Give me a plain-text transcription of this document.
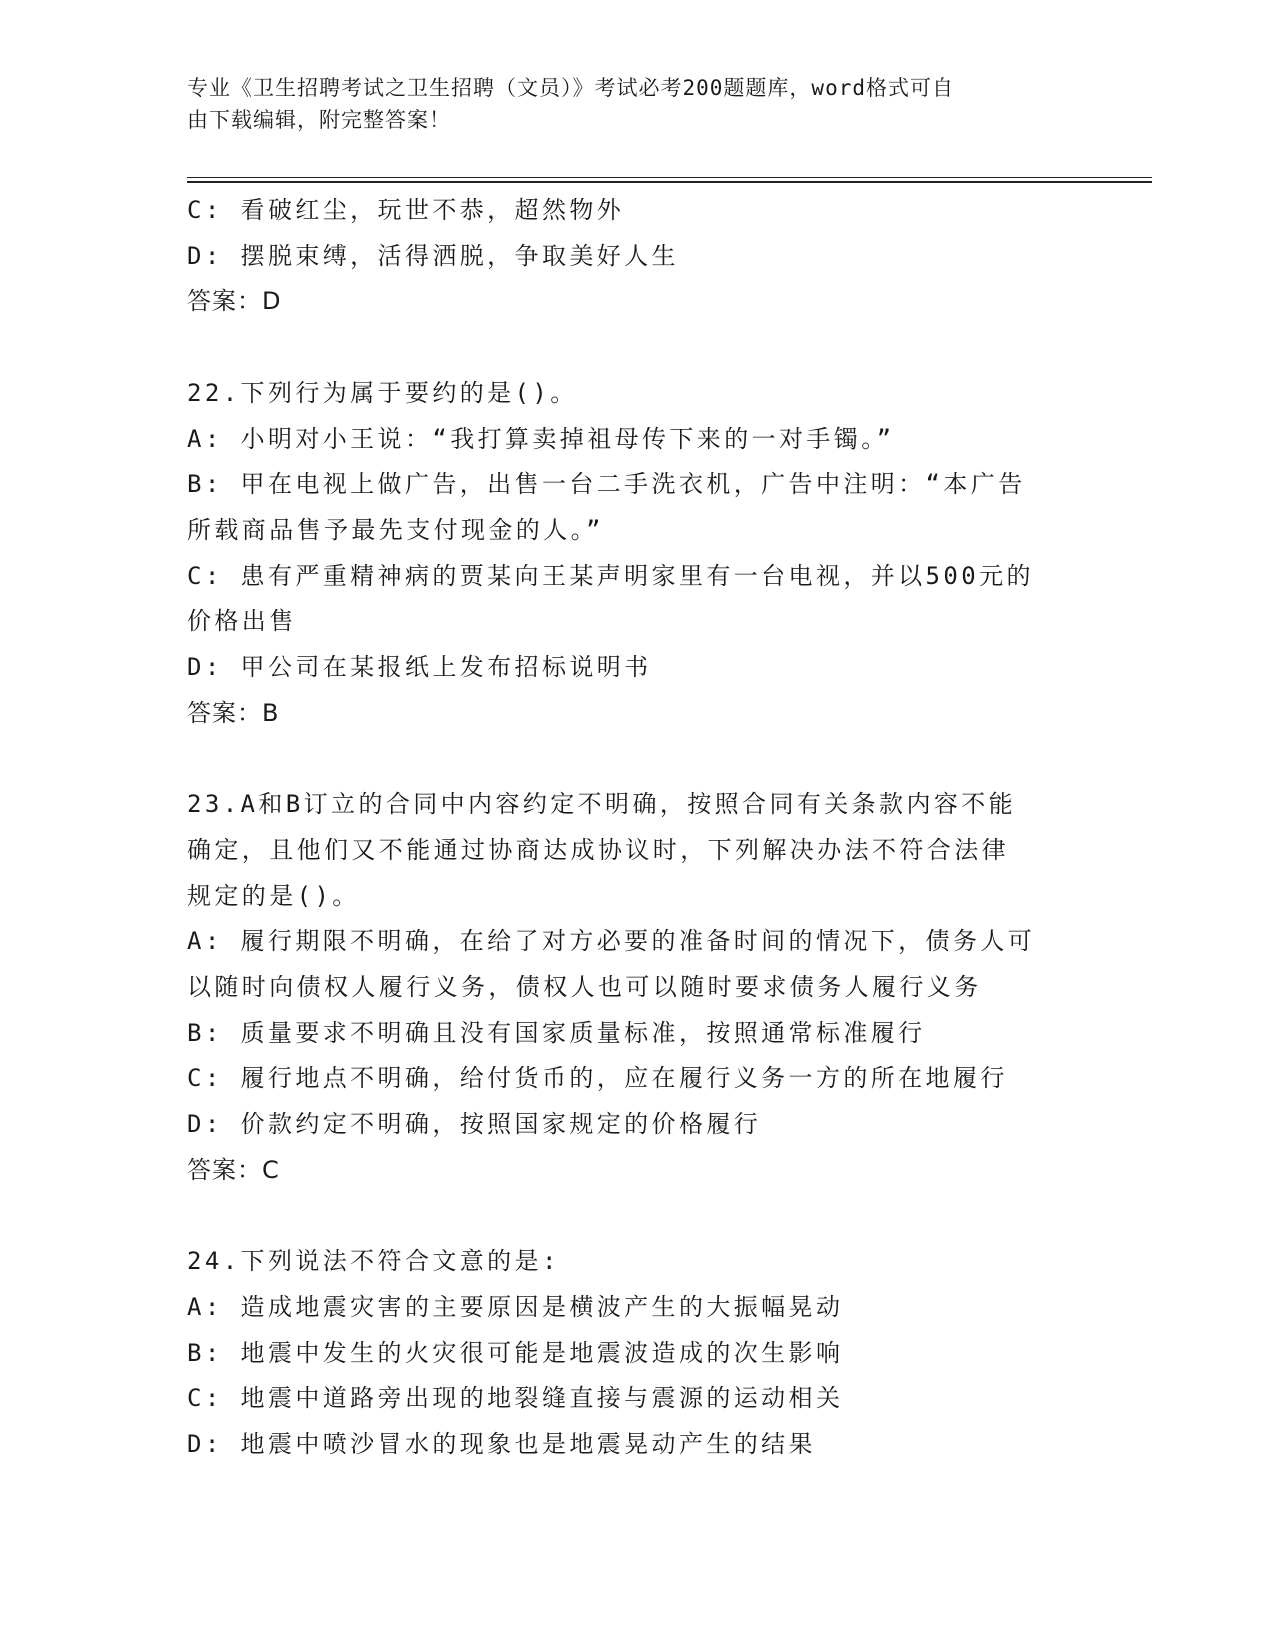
专业《卫生招聘考试之卫生招聘（文员）》考试必考200题题库，word格式可自
由下载编辑，附完整答案！
C: 看破红尘，玩世不恭，超然物外
D: 摆脱束缚，活得洒脱，争取美好人生
答案：D
22.下列行为属于要约的是()。
A: 小明对小王说：“我打算卖掉祖母传下来的一对手镯。”
B: 甲在电视上做广告，出售一台二手洗衣机，广告中注明：“本广告
所载商品售予最先支付现金的人。”
C: 患有严重精神病的贾某向王某声明家里有一台电视，并以500元的
价格出售
D: 甲公司在某报纸上发布招标说明书
答案：B
23.A和B订立的合同中内容约定不明确，按照合同有关条款内容不能
确定，且他们又不能通过协商达成协议时，下列解决办法不符合法律
规定的是()。
A: 履行期限不明确，在给了对方必要的准备时间的情况下，债务人可
以随时向债权人履行义务，债权人也可以随时要求债务人履行义务
B: 质量要求不明确且没有国家质量标准，按照通常标准履行
C: 履行地点不明确，给付货币的，应在履行义务一方的所在地履行
D: 价款约定不明确，按照国家规定的价格履行
答案：C
24.下列说法不符合文意的是:
A: 造成地震灾害的主要原因是横波产生的大振幅晃动
B: 地震中发生的火灾很可能是地震波造成的次生影响
C: 地震中道路旁出现的地裂缝直接与震源的运动相关
D: 地震中喷沙冒水的现象也是地震晃动产生的结果
